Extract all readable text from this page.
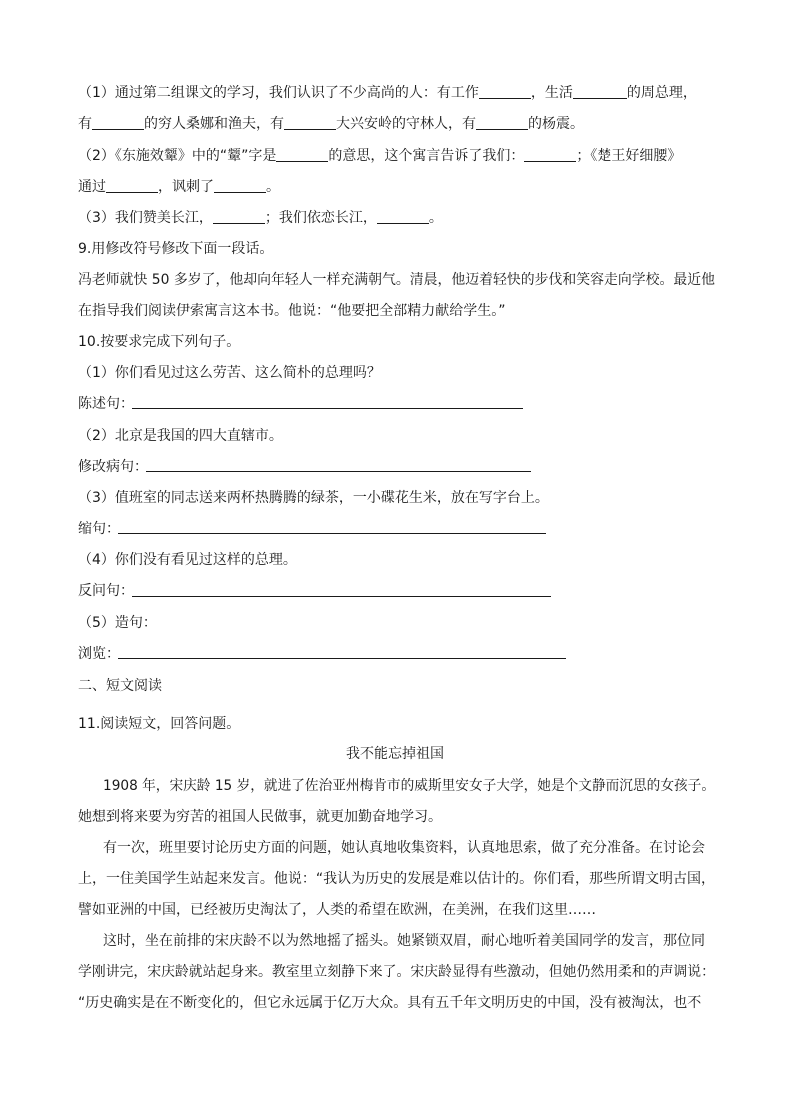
（1）通过第二组课文的学习，我们认识了不少高尚的人：有工作	，生活	的周总理，
有	的穷人桑娜和渔夫，有	大兴安岭的守林人，有	的杨震。
（2）《东施效颦》中的“颦”字是	的意思，这个寓言告诉了我们：	；《楚王好细腰》
通过	，讽刺了	。
（3）我们赞美长江，	；我们依恋长江，	。
9.用修改符号修改下面一段话。
冯老师就快 50 多岁了，他却向年轻人一样充满朝气。清晨，他迈着轻快的步伐和笑容走向学校。最近他
在指导我们阅读伊索寓言这本书。他说：“他要把全部精力献给学生。”
10.按要求完成下列句子。
（1）你们看见过这么劳苦、这么简朴的总理吗？
陈述句：
（2）北京是我国的四大直辖市。
修改病句：
（3）值班室的同志送来两杯热腾腾的绿茶，一小碟花生米，放在写字台上。
缩句：
（4）你们没有看见过这样的总理。
反问句：
（5）造句：
浏览：
二、短文阅读
11.阅读短文，回答问题。
我不能忘掉祖国
1908 年，宋庆龄 15 岁，就进了佐治亚州梅肯市的威斯里安女子大学，她是个文静而沉思的女孩子。
她想到将来要为穷苦的祖国人民做事，就更加勤奋地学习。
有一次，班里要讨论历史方面的问题，她认真地收集资料，认真地思索，做了充分准备。在讨论会
上，一住美国学生站起来发言。他说：“我认为历史的发展是难以估计的。你们看，那些所谓文明古国，
譬如亚洲的中国，已经被历史淘汰了，人类的希望在欧洲，在美洲，在我们这里……
这时，坐在前排的宋庆龄不以为然地摇了摇头。她紧锁双眉，耐心地听着美国同学的发言，那位同
学刚讲完，宋庆龄就站起身来。教室里立刻静下来了。宋庆龄显得有些激动，但她仍然用柔和的声调说：
“历史确实是在不断变化的，但它永远属于亿万大众。具有五千年文明历史的中国，没有被淘汰，也不
